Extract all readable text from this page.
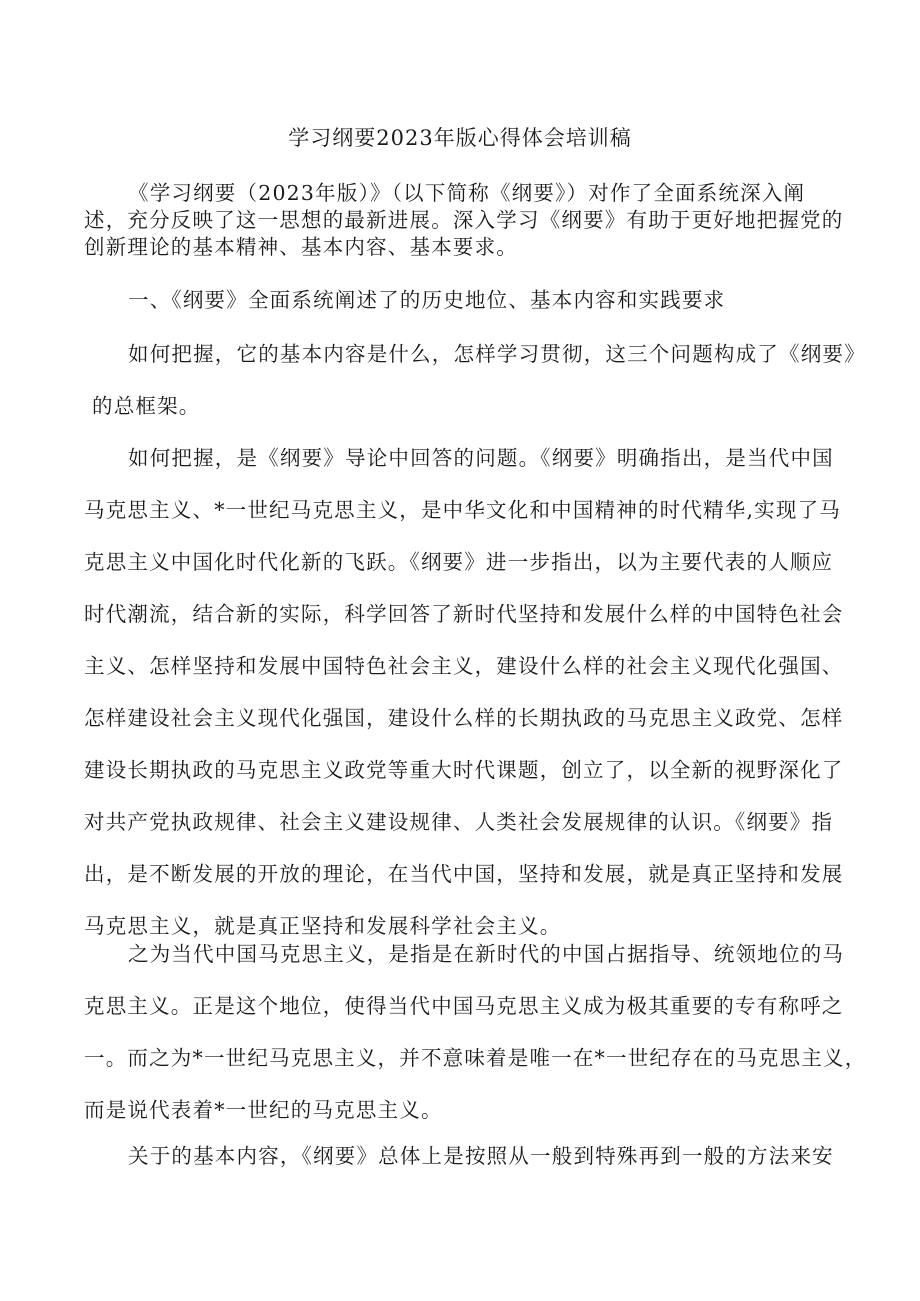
学习纲要2023年版心得体会培训稿
《学习纲要（2023年版）》（以下简称《纲要》）对作了全面系统深入阐
述，充分反映了这一思想的最新进展。深入学习《纲要》有助于更好地把握党的
创新理论的基本精神、基本内容、基本要求。
一、《纲要》全面系统阐述了的历史地位、基本内容和实践要求
如何把握，它的基本内容是什么，怎样学习贯彻，这三个问题构成了《纲要》
的总框架。
如何把握，是《纲要》导论中回答的问题。《纲要》明确指出，是当代中国
马克思主义、*一世纪马克思主义，是中华文化和中国精神的时代精华,实现了马
克思主义中国化时代化新的飞跃。《纲要》进一步指出，以为主要代表的人顺应
时代潮流，结合新的实际，科学回答了新时代坚持和发展什么样的中国特色社会
主义、怎样坚持和发展中国特色社会主义，建设什么样的社会主义现代化强国、
怎样建设社会主义现代化强国，建设什么样的长期执政的马克思主义政党、怎样
建设长期执政的马克思主义政党等重大时代课题，创立了，以全新的视野深化了
对共产党执政规律、社会主义建设规律、人类社会发展规律的认识。《纲要》指
出，是不断发展的开放的理论，在当代中国，坚持和发展，就是真正坚持和发展
马克思主义，就是真正坚持和发展科学社会主义。
之为当代中国马克思主义，是指是在新时代的中国占据指导、统领地位的马
克思主义。正是这个地位，使得当代中国马克思主义成为极其重要的专有称呼之
一。而之为*一世纪马克思主义，并不意味着是唯一在*一世纪存在的马克思主义，
而是说代表着*一世纪的马克思主义。
关于的基本内容，《纲要》总体上是按照从一般到特殊再到一般的方法来安
